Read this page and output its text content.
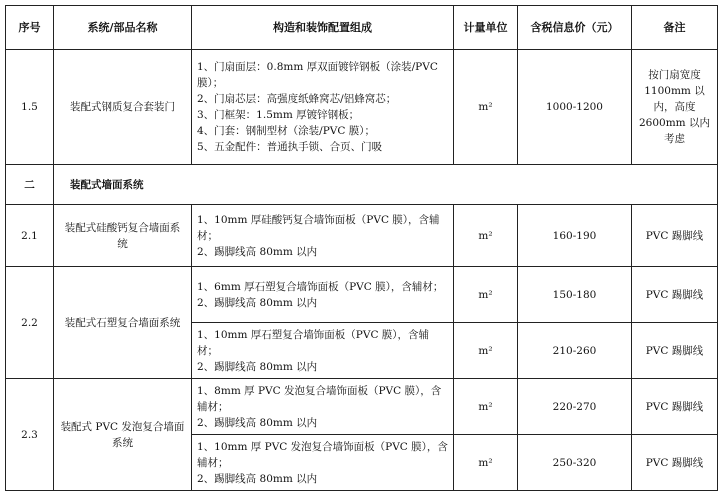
序号	系统/部品名称	构造和装饰配置组成	计量单位	含税信息价（元）	备注
1.5	装配式钢质复合套装门	1、门扇面层：0.8mm 厚双面镀锌钢板（涂装/PVC 膜）；
2、门扇芯层：高强度纸蜂窝芯/铝蜂窝芯；
3、门框架：1.5mm 厚镀锌钢板；
4、门套：钢制型材（涂装/PVC 膜）；
5、五金配件：普通执手锁、合页、门吸	m²	1000-1200	按门扇宽度1100mm 以内，高度 2600mm 以内考虑
二	装配式墙面系统				
2.1	装配式硅酸钙复合墙面系统	1、10mm 厚硅酸钙复合墙饰面板（PVC 膜），含辅材；
2、踢脚线高 80mm 以内	m²	160-190	PVC 踢脚线
2.2	装配式石塑复合墙面系统	1、6mm 厚石塑复合墙饰面板（PVC 膜），含辅材；
2、踢脚线高 80mm 以内	m²	150-180	PVC 踢脚线

		1、10mm 厚石塑复合墙饰面板（PVC 膜），含辅材；
2、踢脚线高 80mm 以内	m²	210-260	PVC 踢脚线
2.3	装配式 PVC 发泡复合墙面系统	1、8mm 厚 PVC 发泡复合墙饰面板（PVC 膜），含辅材；
2、踢脚线高 80mm 以内	m²	220-270	PVC 踢脚线

		1、10mm 厚 PVC 发泡复合墙饰面板（PVC 膜），含辅材；
2、踢脚线高 80mm 以内	m²	250-320	PVC 踢脚线
